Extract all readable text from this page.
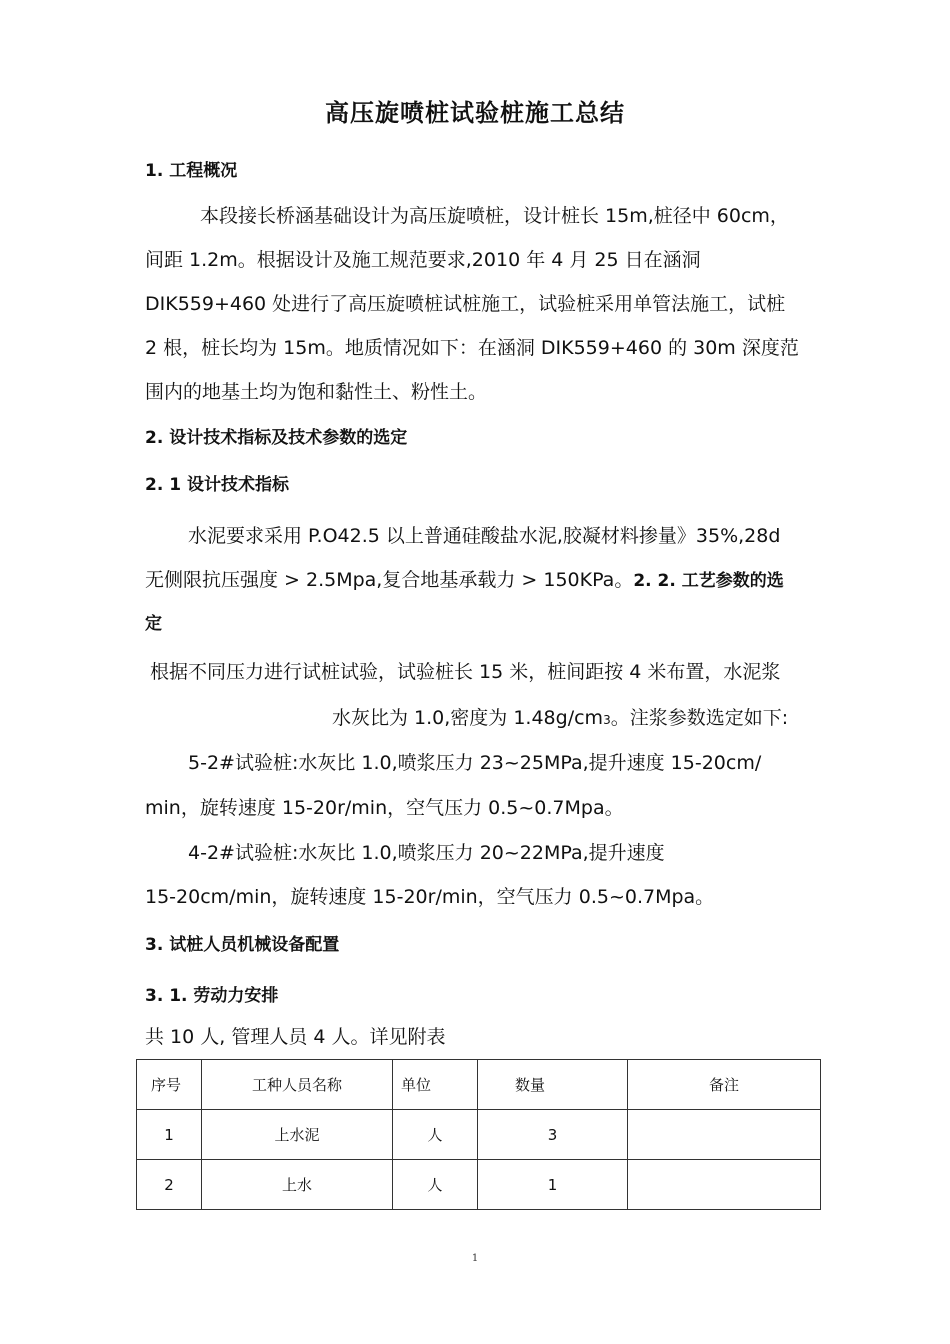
高压旋喷桩试验桩施工总结
1. 工程概况
本段接长桥涵基础设计为高压旋喷桩，设计桩长 15m,桩径中 60cm，
间距 1.2m。根据设计及施工规范要求,2010 年 4 月 25 日在涵洞
DIK559+460 处进行了高压旋喷桩试桩施工，试验桩采用单管法施工，试桩
2 根，桩长均为 15m。地质情况如下：在涵洞 DIK559+460 的 30m 深度范
围内的地基土均为饱和黏性土、粉性土。
2. 设计技术指标及技术参数的选定
2. 1 设计技术指标
水泥要求采用 P.O42.5 以上普通硅酸盐水泥,胶凝材料掺量》35%,28d
无侧限抗压强度 > 2.5Mpa,复合地基承载力 > 150KPa。2. 2. 工艺参数的选
定
根据不同压力进行试桩试验，试验桩长 15 米，桩间距按 4 米布置，水泥浆
水灰比为 1.0,密度为 1.48g/cm3。注浆参数选定如下:
5-2#试验桩:水灰比 1.0,喷浆压力 23~25MPa,提升速度 15-20cm/
min，旋转速度 15-20r/min，空气压力 0.5~0.7Mpa。
4-2#试验桩:水灰比 1.0,喷浆压力 20~22MPa,提升速度
15-20cm/min，旋转速度 15-20r/min，空气压力 0.5~0.7Mpa。
3. 试桩人员机械设备配置
3. 1. 劳动力安排
共 10 人, 管理人员 4 人。详见附表
序号	工种人员名称	单位	数量	备注
1	上水泥	人	3	
2	上水	人	1	
1
